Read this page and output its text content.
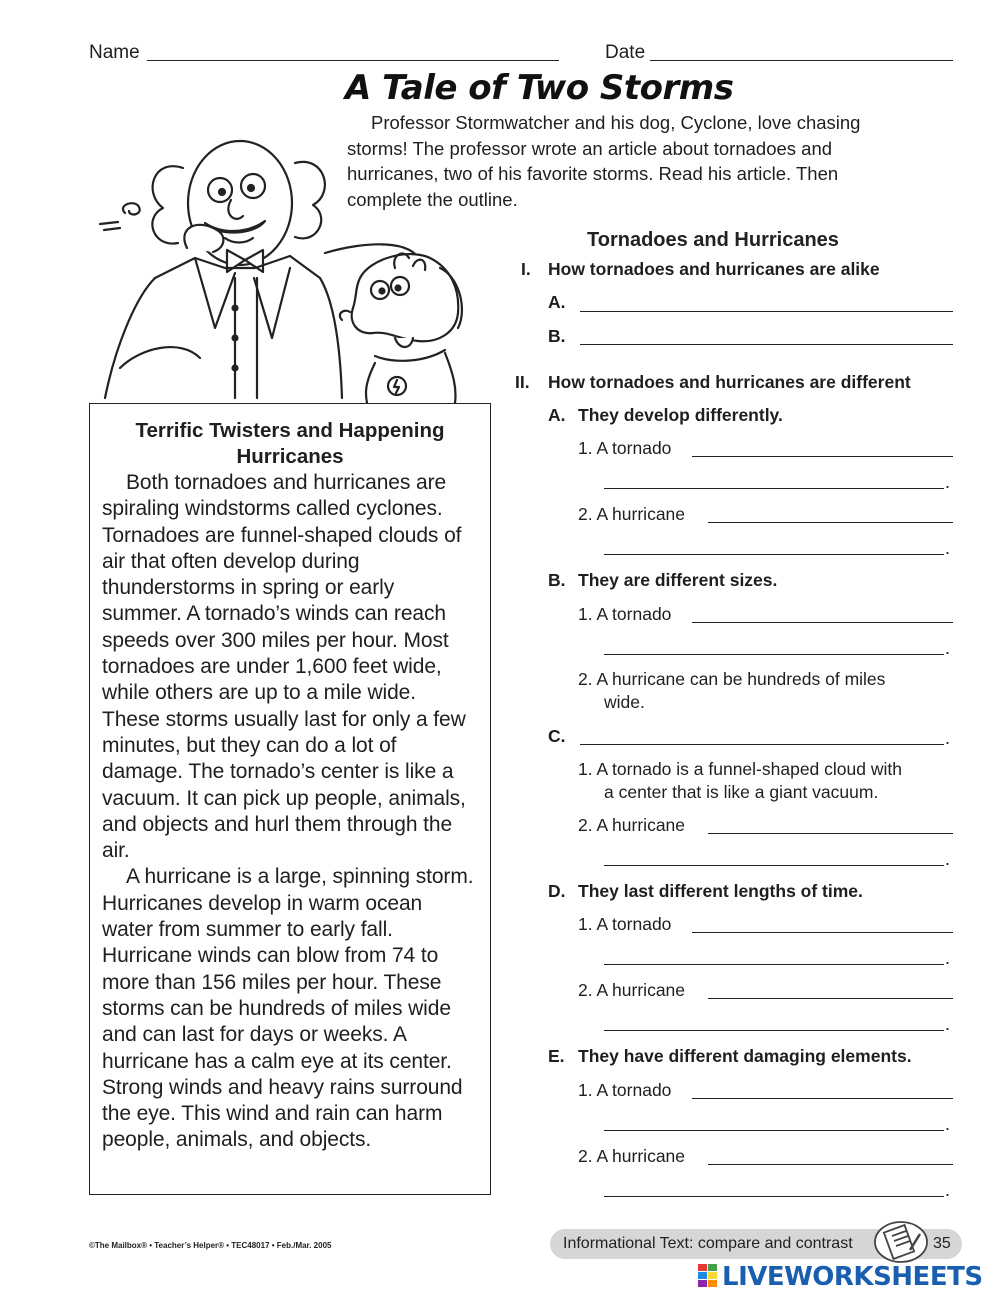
Name	Date
A Tale of Two Storms
Professor Stormwatcher and his dog, Cyclone, love chasing storms! The professor wrote an article about tornadoes and hurricanes, two of his favorite storms. Read his article. Then complete the outline.
Tornadoes and Hurricanes
I. How tornadoes and hurricanes are alike
A.
B.
II. How tornadoes and hurricanes are different
A. They develop differently.
1. A tornado
.
2. A hurricane
.
B. They are different sizes.
1. A tornado
.
2. A hurricane can be hundreds of miles
wide.
C.	.
1. A tornado is a funnel-shaped cloud with
a center that is like a giant vacuum.
2. A hurricane
.
D. They last different lengths of time.
1. A tornado
.
2. A hurricane
.
E. They have different damaging elements.
1. A tornado
.
2. A hurricane
.
Terrific Twisters and Happening Hurricanes
Both tornadoes and hurricanes are spiraling windstorms called cyclones. Tornadoes are funnel-shaped clouds of air that often develop during thunderstorms in spring or early summer. A tornado’s winds can reach speeds over 300 miles per hour. Most tornadoes are under 1,600 feet wide, while others are up to a mile wide. These storms usually last for only a few minutes, but they can do a lot of damage. The tornado’s center is like a vacuum. It can pick up people, animals, and objects and hurl them through the air.
A hurricane is a large, spinning storm. Hurricanes develop in warm ocean water from summer to early fall. Hurricane winds can blow from 74 to more than 156 miles per hour. These storms can be hundreds of miles wide and can last for days or weeks. A hurricane has a calm eye at its center. Strong winds and heavy rains surround the eye. This wind and rain can harm people, animals, and objects.
©The Mailbox® • Teacher’s Helper® • TEC48017 • Feb./Mar. 2005	Informational Text: compare and contrast	35
LIVEWORKSHEETS
